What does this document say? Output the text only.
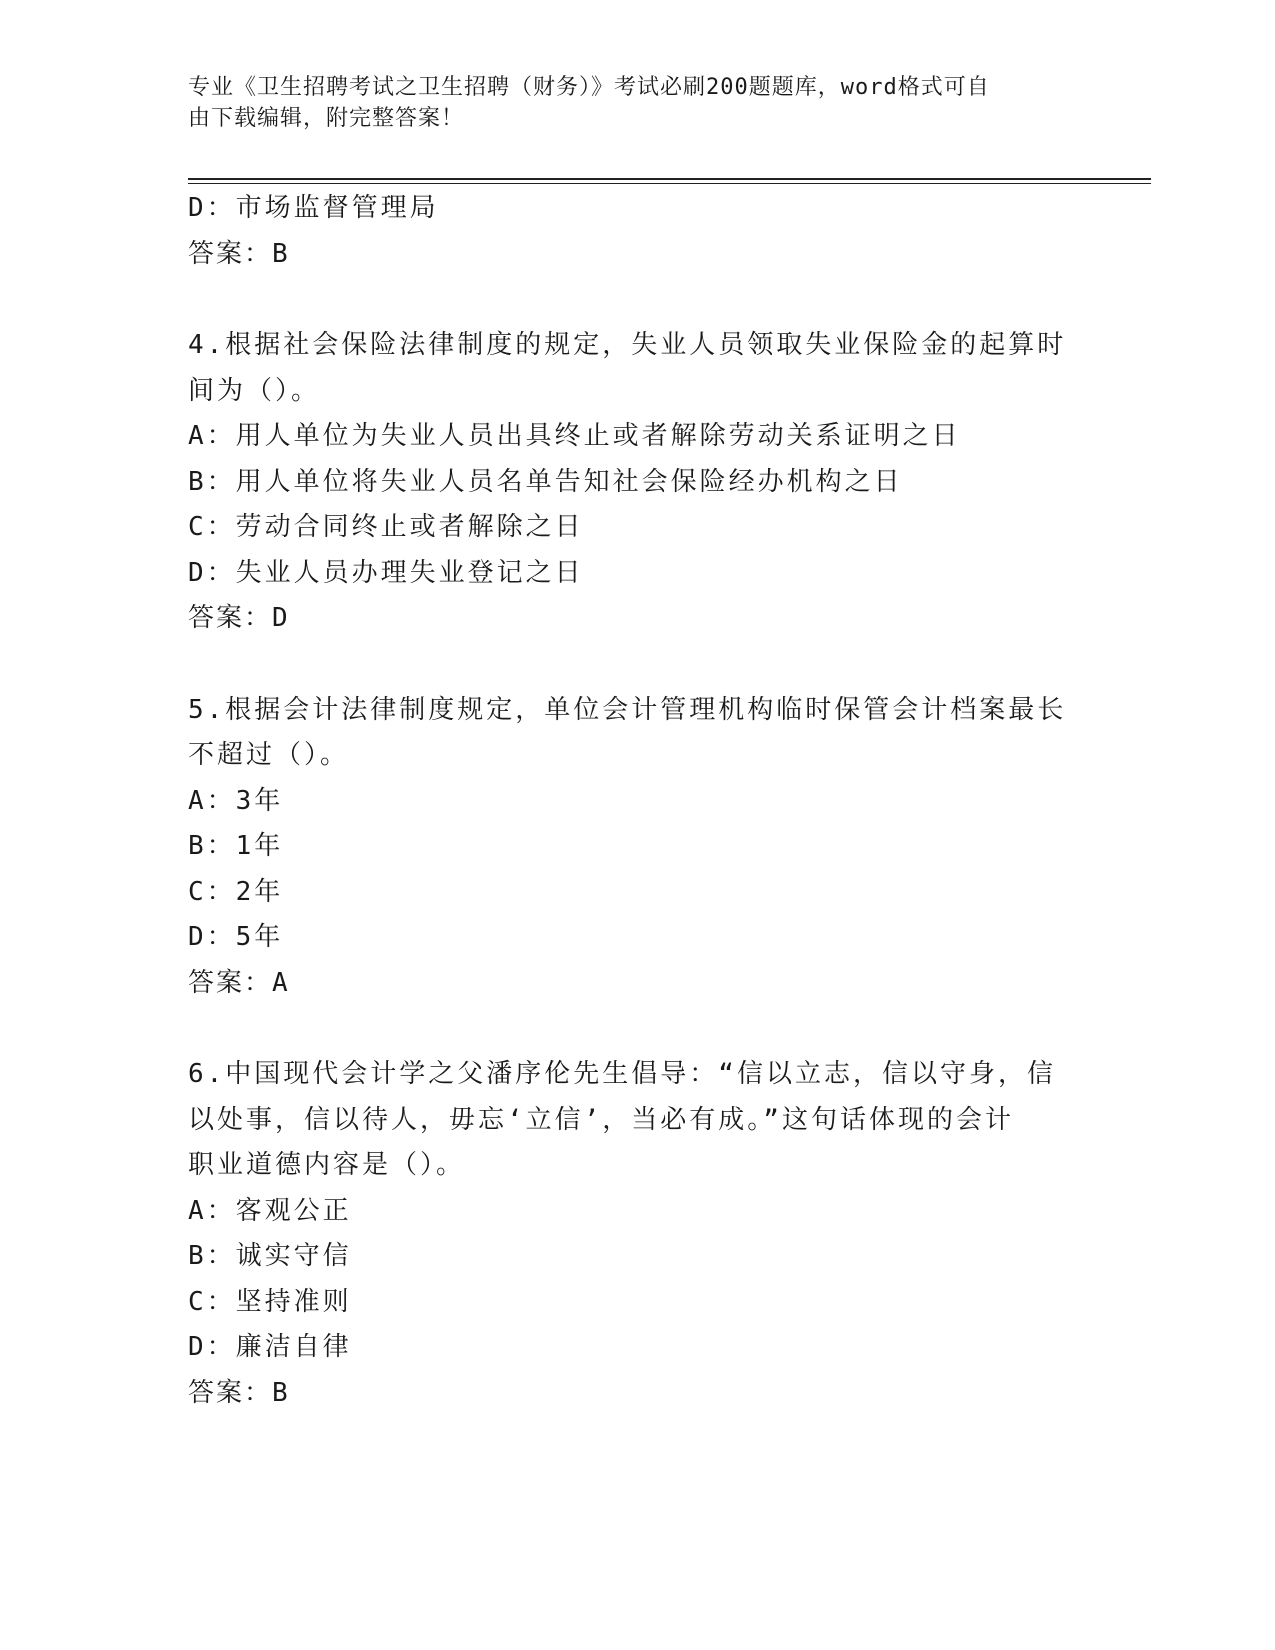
专业《卫生招聘考试之卫生招聘（财务）》考试必刷200题题库，word格式可自
由下载编辑，附完整答案！
D：市场监督管理局
答案：B
4.根据社会保险法律制度的规定，失业人员领取失业保险金的起算时
间为（）。
A：用人单位为失业人员出具终止或者解除劳动关系证明之日
B：用人单位将失业人员名单告知社会保险经办机构之日
C：劳动合同终止或者解除之日
D：失业人员办理失业登记之日
答案：D
5.根据会计法律制度规定，单位会计管理机构临时保管会计档案最长
不超过（）。
A：3年
B：1年
C：2年
D：5年
答案：A
6.中国现代会计学之父潘序伦先生倡导：“信以立志，信以守身，信
以处事，信以待人，毋忘‘立信’，当必有成。”这句话体现的会计
职业道德内容是（）。
A：客观公正
B：诚实守信
C：坚持准则
D：廉洁自律
答案：B
